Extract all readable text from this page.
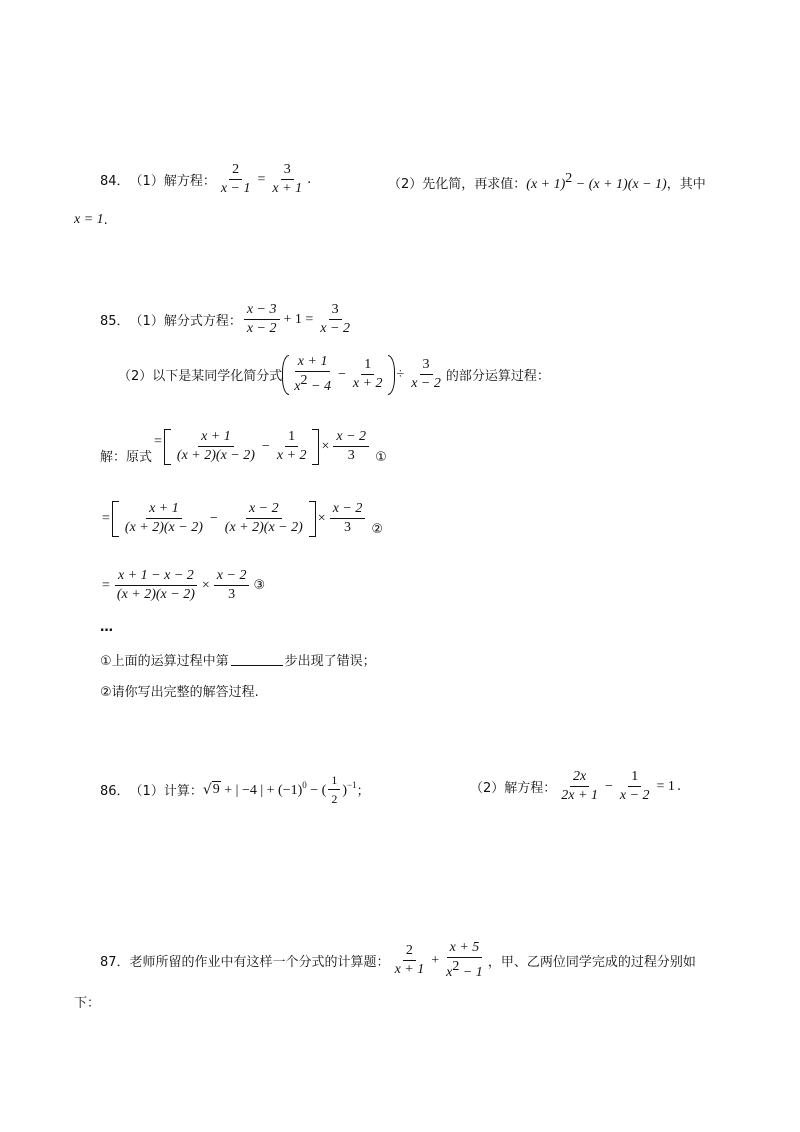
84． （1）解方程： $\frac{2}{x - 1} = \frac{3}{x + 1}$ .	（2）先化简，再求值： $(x + 1)^2 - (x + 1)(x - 1)$ ，其中
x = 1 .
85． （1）解分式方程： $\frac{x - 3}{x - 2} + 1 = \frac{3}{x - 2}$
（2）以下是某同学化简分式 $\frac{x + 1}{x^2 - 4} - \frac{1}{x + 2} \div \frac{3}{x - 2}$ 的部分运算过程：
解：原式
= $\frac{x + 1}{(x + 2)(x - 2)} - \frac{1}{x + 2} \times \frac{x - 2}{3}$ ①
= $\frac{x + 1}{(x + 2)(x - 2)} - \frac{x - 2}{(x + 2)(x - 2)} \times \frac{x - 2}{3}$ ②
= $\frac{x + 1 - x - 2}{(x + 2)(x - 2)} \times \frac{x - 2}{3}$ ③
…
①上面的运算过程中第	步出现了错误；
②请你写出完整的解答过程.
86． （1）计算： √ 9 + | −4 | + $(-1)^0$ − ( $\frac{1}{2} )^{-1}$ ；	（2）解方程： $\frac{2x}{2x + 1} - \frac{1}{x - 2} = 1$ .
87． 老师所留的作业中有这样一个分式的计算题： $\frac{2}{x + 1} + \frac{x + 5}{x^2 - 1}$ ，甲、乙两位同学完成的过程分别如
下：
